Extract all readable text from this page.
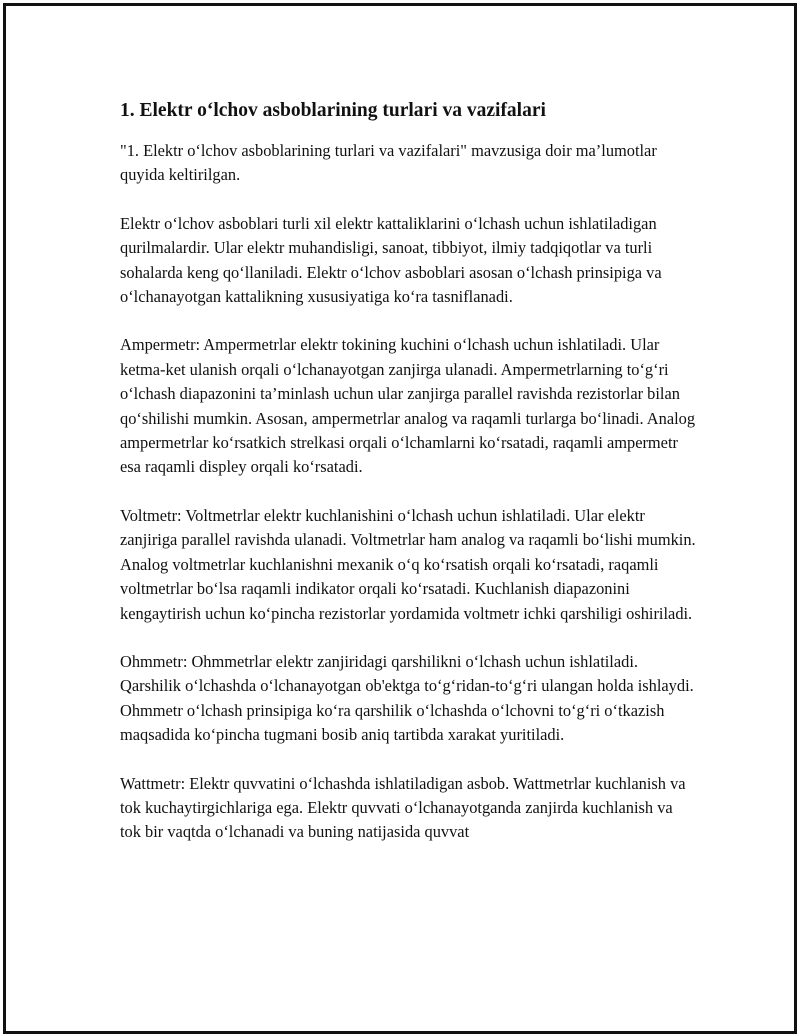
1. Elektr o‘lchov asboblarining turlari va vazifalari

"1. Elektr o‘lchov asboblarining turlari va vazifalari" mavzusiga doir ma’lumotlar quyida keltirilgan.

Elektr o‘lchov asboblari turli xil elektr kattaliklarini o‘lchash uchun ishlatiladigan qurilmalardir. Ular elektr muhandisligi, sanoat, tibbiyot, ilmiy tadqiqotlar va turli sohalarda keng qo‘llaniladi. Elektr o‘lchov asboblari asosan o‘lchash prinsipiga va o‘lchanayotgan kattalikning xususiyatiga ko‘ra tasniflanadi.

Ampermetr: Ampermetrlar elektr tokining kuchini o‘lchash uchun ishlatiladi. Ular ketma-ket ulanish orqali o‘lchanayotgan zanjirga ulanadi. Ampermetrlarning to‘g‘ri o‘lchash diapazonini ta’minlash uchun ular zanjirga parallel ravishda rezistorlar bilan qo‘shilishi mumkin. Asosan, ampermetrlar analog va raqamli turlarga bo‘linadi. Analog ampermetrlar ko‘rsatkich strelkasi orqali o‘lchamlarni ko‘rsatadi, raqamli ampermetr esa raqamli displey orqali ko‘rsatadi.

Voltmetr: Voltmetrlar elektr kuchlanishini o‘lchash uchun ishlatiladi. Ular elektr zanjiriga parallel ravishda ulanadi. Voltmetrlar ham analog va raqamli bo‘lishi mumkin. Analog voltmetrlar kuchlanishni mexanik o‘q ko‘rsatish orqali ko‘rsatadi, raqamli voltmetrlar bo‘lsa raqamli indikator orqali ko‘rsatadi. Kuchlanish diapazonini kengaytirish uchun ko‘pincha rezistorlar yordamida voltmetr ichki qarshiligi oshiriladi.

Ohmmetr: Ohmmetrlar elektr zanjiridagi qarshilikni o‘lchash uchun ishlatiladi. Qarshilik o‘lchashda o‘lchanayotgan ob'ektga to‘g‘ridan-to‘g‘ri ulangan holda ishlaydi. Ohmmetr o‘lchash prinsipiga ko‘ra qarshilik o‘lchashda o‘lchovni to‘g‘ri o‘tkazish maqsadida ko‘pincha tugmani bosib aniq tartibda xarakat yuritiladi.

Wattmetr: Elektr quvvatini o‘lchashda ishlatiladigan asbob. Wattmetrlar kuchlanish va tok kuchaytirgichlariga ega. Elektr quvvati o‘lchanayotganda zanjirda kuchlanish va tok bir vaqtda o‘lchanadi va buning natijasida quvvat
